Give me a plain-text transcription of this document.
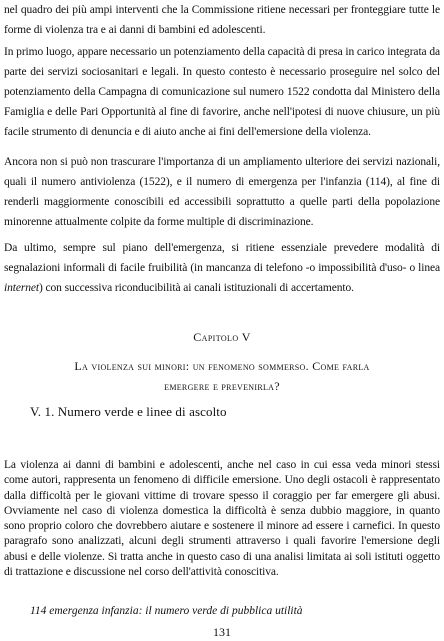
nel quadro dei più ampi interventi che la Commissione ritiene necessari per fronteggiare tutte le forme di violenza tra e ai danni di bambini ed adolescenti.

In primo luogo, appare necessario un potenziamento della capacità di presa in carico integrata da parte dei servizi sociosanitari e legali. In questo contesto è necessario proseguire nel solco del potenziamento della Campagna di comunicazione sul numero 1522 condotta dal Ministero della Famiglia e delle Pari Opportunità al fine di favorire, anche nell'ipotesi di nuove chiusure, un più facile strumento di denuncia e di aiuto anche ai fini dell'emersione della violenza.

Ancora non si può non trascurare l'importanza di un ampliamento ulteriore dei servizi nazionali, quali il numero antiviolenza (1522), e il numero di emergenza per l'infanzia (114), al fine di renderli maggiormente conoscibili ed accessibili soprattutto a quelle parti della popolazione minorenne attualmente colpite da forme multiple di discriminazione.

Da ultimo, sempre sul piano dell'emergenza, si ritiene essenziale prevedere modalità di segnalazioni informali di facile fruibilità (in mancanza di telefono -o impossibilità d'uso- o linea internet) con successiva riconducibilità ai canali istituzionali di accertamento.

Capitolo V
La violenza sui minori: un fenomeno sommerso. Come farla
emergere e prevenirla?
V. 1. Numero verde e linee di ascolto

La violenza ai danni di bambini e adolescenti, anche nel caso in cui essa veda minori stessi come autori, rappresenta un fenomeno di difficile emersione. Uno degli ostacoli è rappresentato dalla difficoltà per le giovani vittime di trovare spesso il coraggio per far emergere gli abusi. Ovviamente nel caso di violenza domestica la difficoltà è senza dubbio maggiore, in quanto sono proprio coloro che dovrebbero aiutare e sostenere il minore ad essere i carnefici. In questo paragrafo sono analizzati, alcuni degli strumenti attraverso i quali favorire l'emersione degli abusi e delle violenze. Si tratta anche in questo caso di una analisi limitata ai soli istituti oggetto di trattazione e discussione nel corso dell'attività conoscitiva.

114 emergenza infanzia: il numero verde di pubblica utilità
131
